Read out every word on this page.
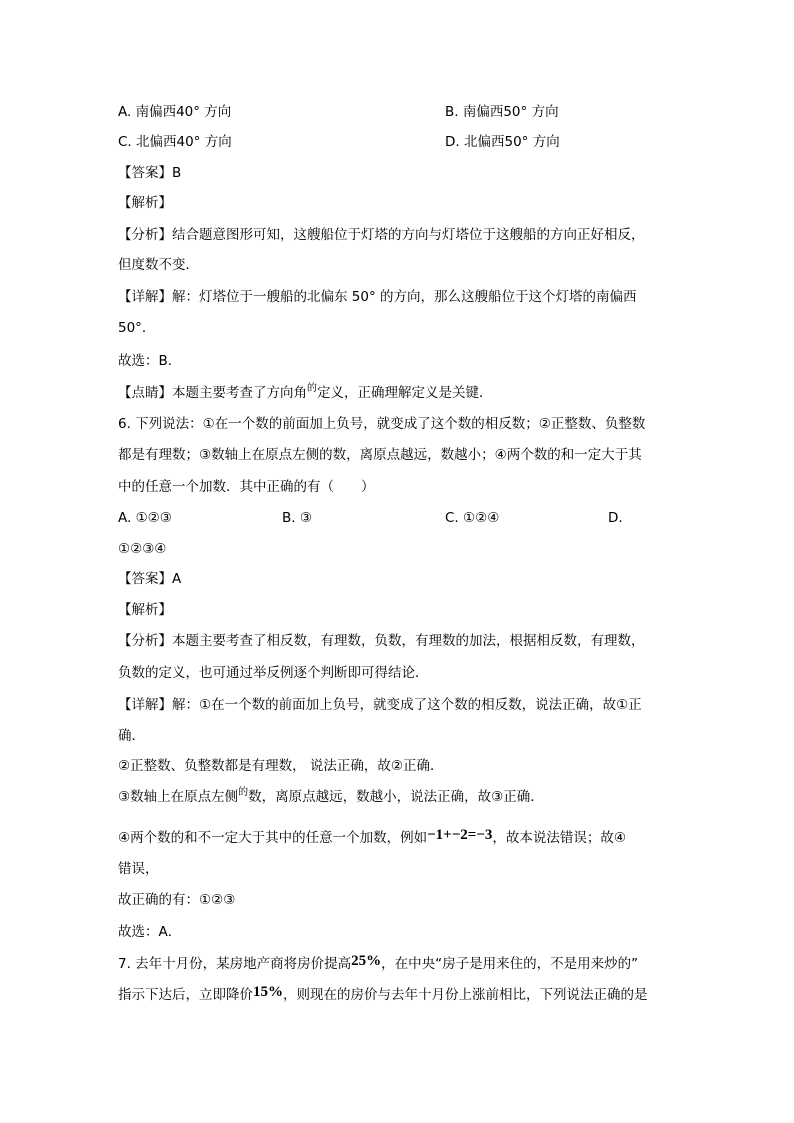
A. 南偏西40° 方向	B. 南偏西50° 方向
C. 北偏西40° 方向	D. 北偏西50° 方向
【答案】B
【解析】
【分析】结合题意图形可知，这艘船位于灯塔的方向与灯塔位于这艘船的方向正好相反，
但度数不变．
【详解】解：灯塔位于一艘船的北偏东 50° 的方向，那么这艘船位于这个灯塔的南偏西
50°．
故选：B．
【点睛】本题主要考查了方向角$^的$定义，正确理解定义是关键．
6. 下列说法：①在一个数的前面加上负号，就变成了这个数的相反数；②正整数、负整数
都是有理数；③数轴上在原点左侧的数，离原点越远，数越小；④两个数的和一定大于其
中的任意一个加数．其中正确的有（　　）
A. ①②③	B. ③	C. ①②④	D.
①②③④
【答案】A
【解析】
【分析】本题主要考查了相反数，有理数，负数，有理数的加法，根据相反数，有理数，
负数的定义，也可通过举反例逐个判断即可得结论．
【详解】解：①在一个数的前面加上负号，就变成了这个数的相反数，说法正确，故①正
确．
②正整数、负整数都是有理数， 说法正确，故②正确．
③数轴上在原点左侧$^的$数，离原点越远，数越小，说法正确，故③正确．
④两个数的和不一定大于其中的任意一个加数，例如−1+−2=−3，故本说法错误；故④
错误，
故正确的有：①②③
故选：A．
7. 去年十月份，某房地产商将房价提高25%，在中央“房子是用来住的，不是用来炒的”
指示下达后，立即降价15%，则现在的房价与去年十月份上涨前相比，下列说法正确的是
